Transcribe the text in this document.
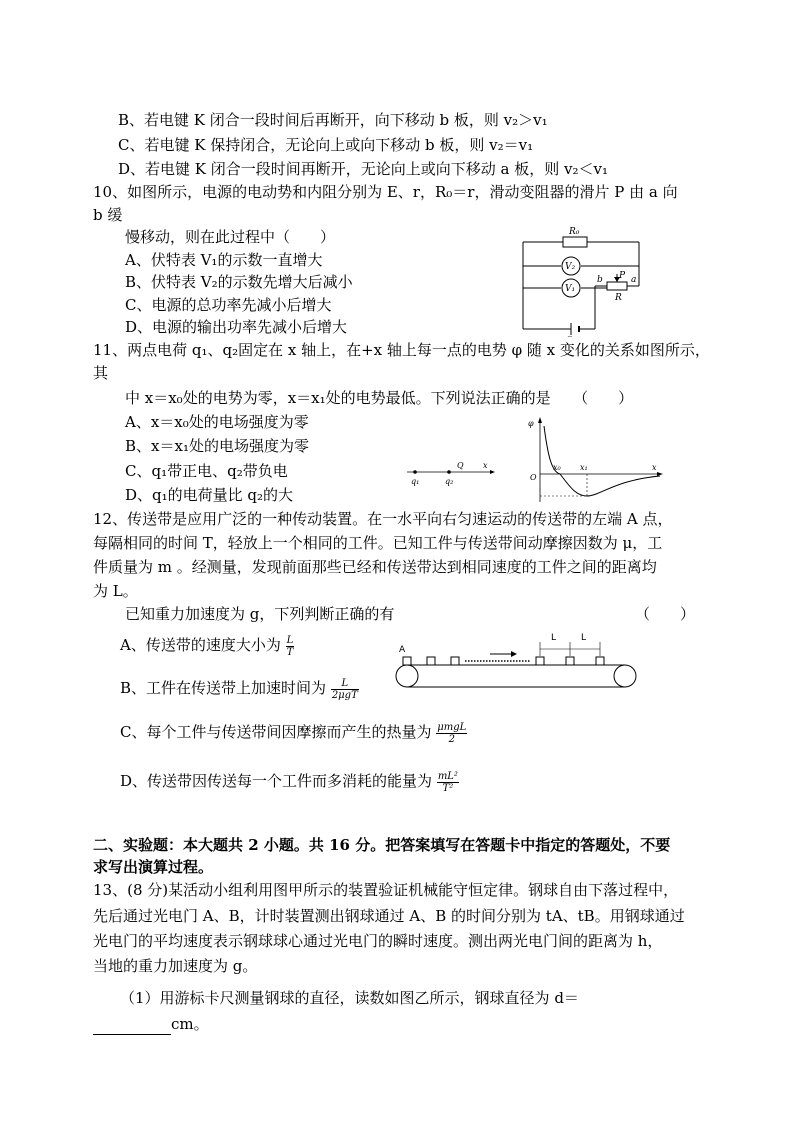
B、若电键 K 闭合一段时间后再断开，向下移动 b 板，则 v₂＞v₁
C、若电键 K 保持闭合，无论向上或向下移动 b 板，则 v₂＝v₁
D、若电键 K 闭合一段时间再断开，无论向上或向下移动 a 板，则 v₂＜v₁
10、如图所示，电源的电动势和内阻分别为 E、r，R₀＝r，滑动变阻器的滑片 P 由 a 向
b 缓
慢移动，则在此过程中（　　）
A、伏特表 V₁的示数一直增大
B、伏特表 V₂的示数先增大后减小
C、电源的总功率先减小后增大
D、电源的输出功率先减小后增大
R₀
V₂
V₁
P a
b
R
11、两点电荷 q₁、q₂固定在 x 轴上，在+x 轴上每一点的电势 φ 随 x 变化的关系如图所示，
其
中 x＝x₀处的电势为零，x＝x₁处的电势最低。下列说法正确的是　　（　　）
A、x＝x₀处的电场强度为零
B、x＝x₁处的电场强度为零
C、q₁带正电、q₂带负电
D、q₁的电荷量比 q₂的大
q₁	q₂
Q x
φ
O
x₀ x₁	x
12、传送带是应用广泛的一种传动装置。在一水平向右匀速运动的传送带的左端 A 点，
每隔相同的时间 T，轻放上一个相同的工件。已知工件与传送带间动摩擦因数为 μ，工
件质量为 m 。经测量，发现前面那些已经和传送带达到相同速度的工件之间的距离均
为 L。
已知重力加速度为 g，下列判断正确的有	（　　）
A、传送带的速度大小为 $\frac{L}{T}$
B、工件在传送带上加速时间为 $\frac{L}{\text{2μgT}}$
C、每个工件与传送带间因摩擦而产生的热量为 $\frac{\text{μmgL}}{2}$
D、传送带因传送每一个工件而多消耗的能量为 $\frac{\text{mL²}}{\text{T²}}$
A
L	L
二、实验题：本大题共 2 小题。共 16 分。把答案填写在答题卡中指定的答题处，不要
求写出演算过程。
13、(8 分)某活动小组利用图甲所示的装置验证机械能守恒定律。钢球自由下落过程中，
先后通过光电门 A、B，计时装置测出钢球通过 A、B 的时间分别为 tA、tB。用钢球通过
光电门的平均速度表示钢球球心通过光电门的瞬时速度。测出两光电门间的距离为 h，
当地的重力加速度为 g。
（1）用游标卡尺测量钢球的直径，读数如图乙所示，钢球直径为 d＝
cm。
